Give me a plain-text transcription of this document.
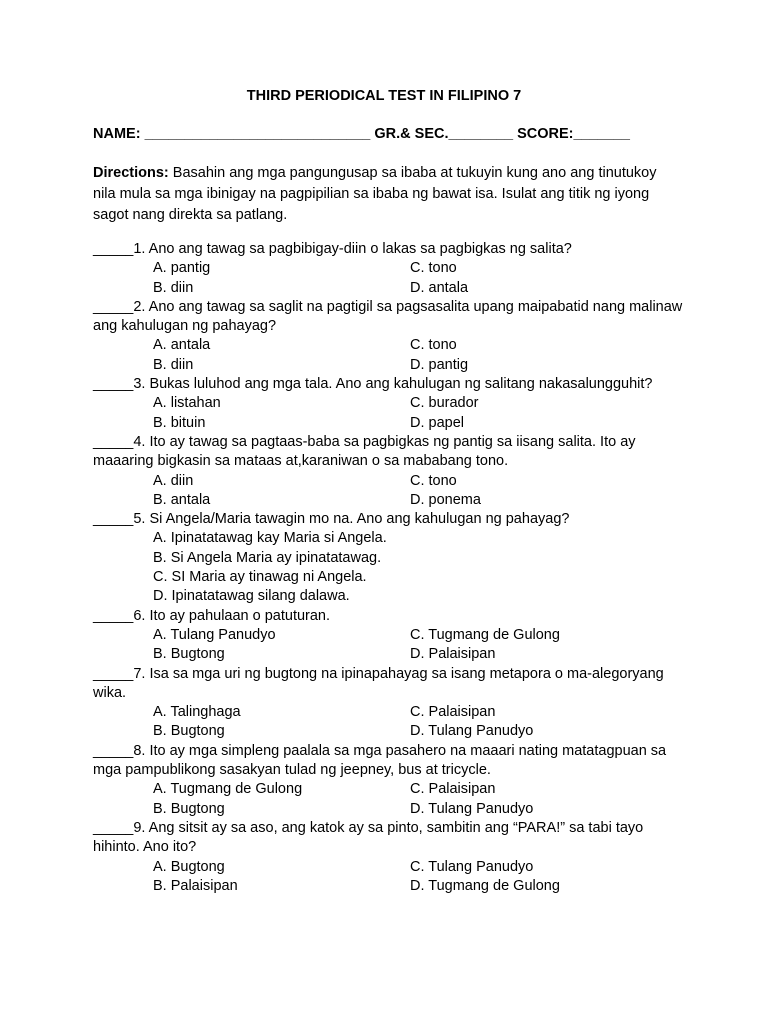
THIRD PERIODICAL TEST IN FILIPINO 7
NAME: ____________________________ GR.& SEC.________ SCORE:_______
Directions: Basahin ang mga pangungusap sa ibaba at tukuyin kung ano ang tinutukoy nila mula sa mga ibinigay na pagpipilian sa ibaba ng bawat isa. Isulat ang titik ng iyong sagot nang direkta sa patlang.
_____1. Ano ang tawag sa pagbibigay-diin o lakas sa pagbigkas ng salita?
A. pantig	C. tono
B. diin	D. antala
_____2. Ano ang tawag sa saglit na pagtigil sa pagsasalita upang maipabatid nang malinaw ang kahulugan ng pahayag?
A. antala	C. tono
B. diin	D. pantig
_____3. Bukas luluhod ang mga tala. Ano ang kahulugan ng salitang nakasalungguhit?
A. listahan	C. burador
B. bituin	D. papel
_____4. Ito ay tawag sa pagtaas-baba sa pagbigkas ng pantig sa iisang salita. Ito ay maaaring bigkasin sa mataas at,karaniwan o sa mababang tono.
A. diin	C. tono
B. antala	D. ponema
_____5. Si Angela/Maria tawagin mo na. Ano ang kahulugan ng pahayag?
A. Ipinatatawag kay Maria si Angela.
B. Si Angela Maria ay ipinatatawag.
C. SI Maria ay tinawag ni Angela.
D. Ipinatatawag silang dalawa.
_____6. Ito ay pahulaan o patuturan.
A. Tulang Panudyo	C. Tugmang de Gulong
B. Bugtong	D. Palaisipan
_____7. Isa sa mga uri ng bugtong na ipinapahayag sa isang metapora o ma-alegoryang wika.
A. Talinghaga	C. Palaisipan
B. Bugtong	D. Tulang Panudyo
_____8. Ito ay mga simpleng paalala sa mga pasahero na maaari nating matatagpuan sa mga pampublikong sasakyan tulad ng jeepney, bus at tricycle.
A. Tugmang de Gulong	C. Palaisipan
B. Bugtong	D. Tulang Panudyo
_____9. Ang sitsit ay sa aso, ang katok ay sa pinto, sambitin ang “PARA!” sa tabi tayo hihinto. Ano ito?
A. Bugtong	C. Tulang Panudyo
B. Palaisipan	D. Tugmang de Gulong
